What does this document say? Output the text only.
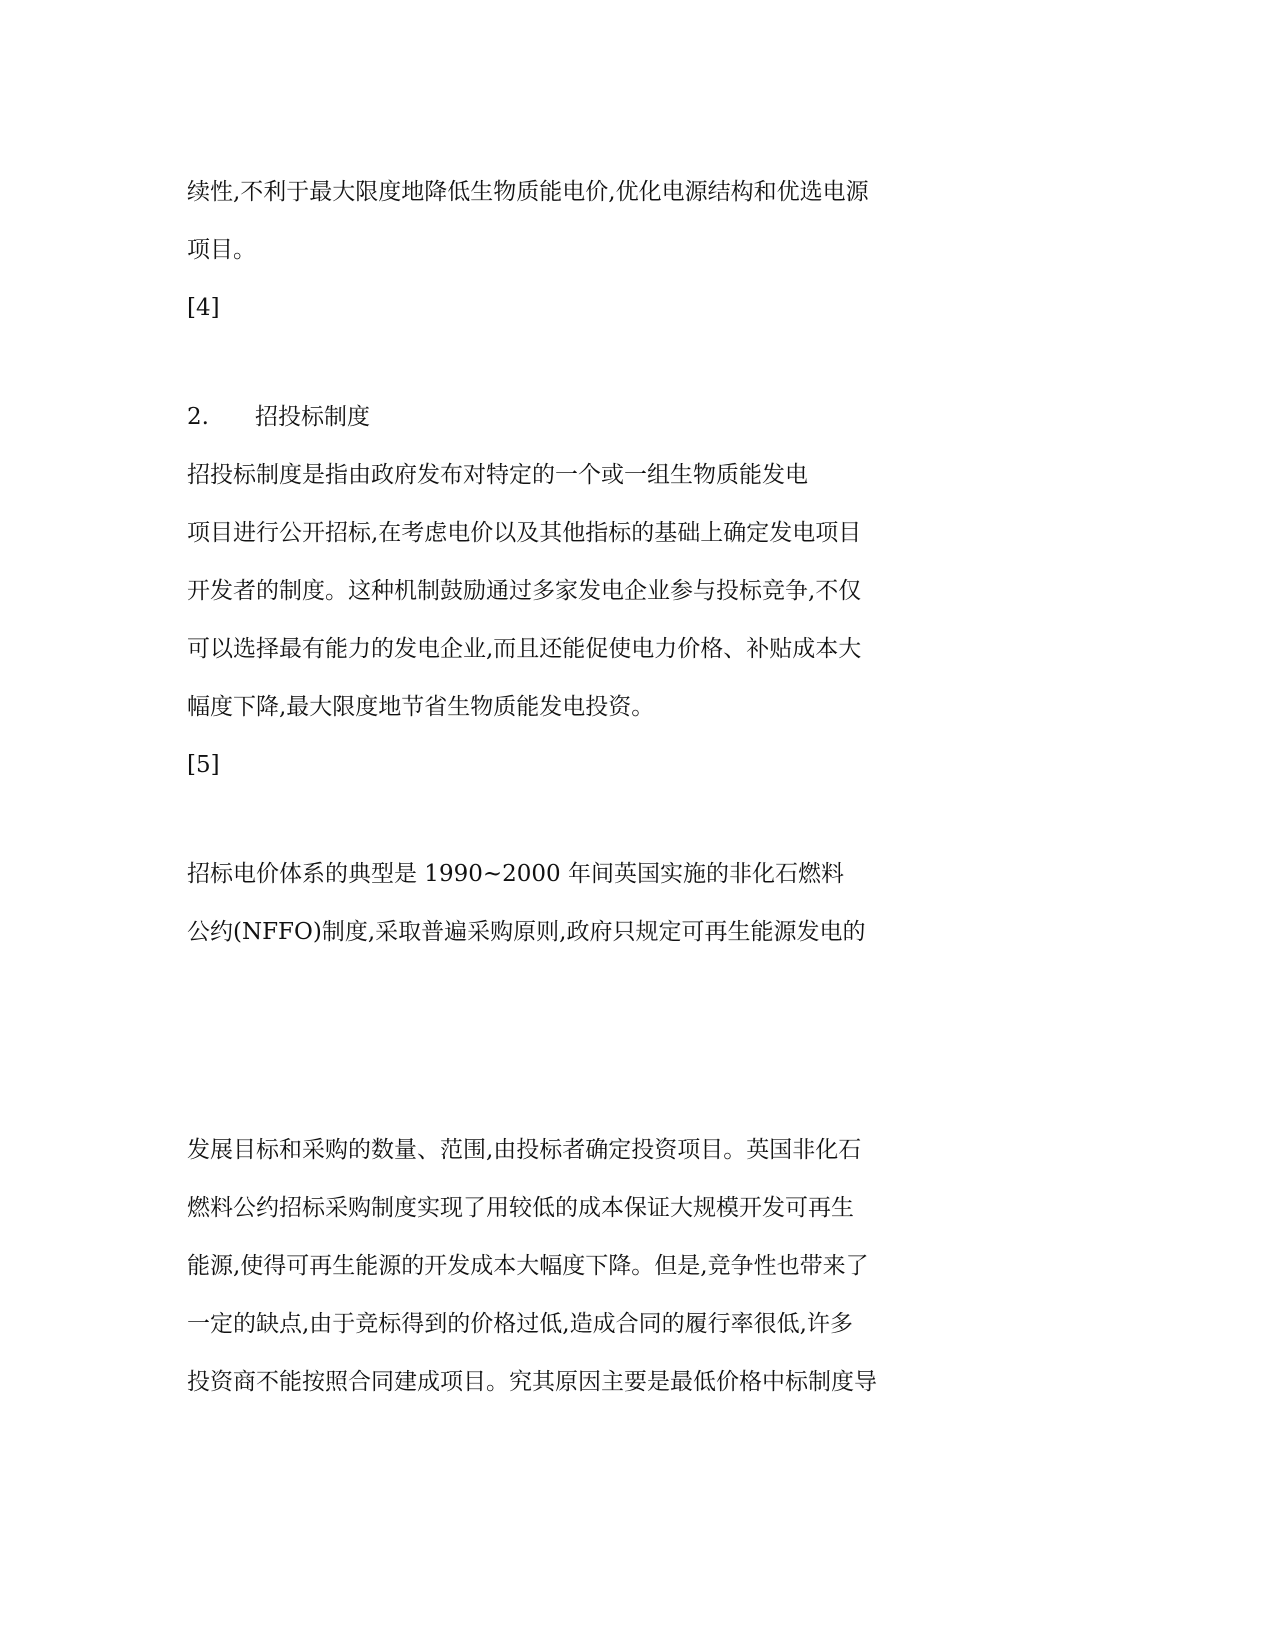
续性,不利于最大限度地降低生物质能电价,优化电源结构和优选电源
项目。
[4]
2. 招投标制度
招投标制度是指由政府发布对特定的一个或一组生物质能发电
项目进行公开招标,在考虑电价以及其他指标的基础上确定发电项目
开发者的制度。这种机制鼓励通过多家发电企业参与投标竞争,不仅
可以选择最有能力的发电企业,而且还能促使电力价格、补贴成本大
幅度下降,最大限度地节省生物质能发电投资。
[5]
招标电价体系的典型是 1990~2000 年间英国实施的非化石燃料
公约(NFFO)制度,采取普遍采购原则,政府只规定可再生能源发电的
发展目标和采购的数量、范围,由投标者确定投资项目。英国非化石
燃料公约招标采购制度实现了用较低的成本保证大规模开发可再生
能源,使得可再生能源的开发成本大幅度下降。但是,竞争性也带来了
一定的缺点,由于竞标得到的价格过低,造成合同的履行率很低,许多
投资商不能按照合同建成项目。究其原因主要是最低价格中标制度导
